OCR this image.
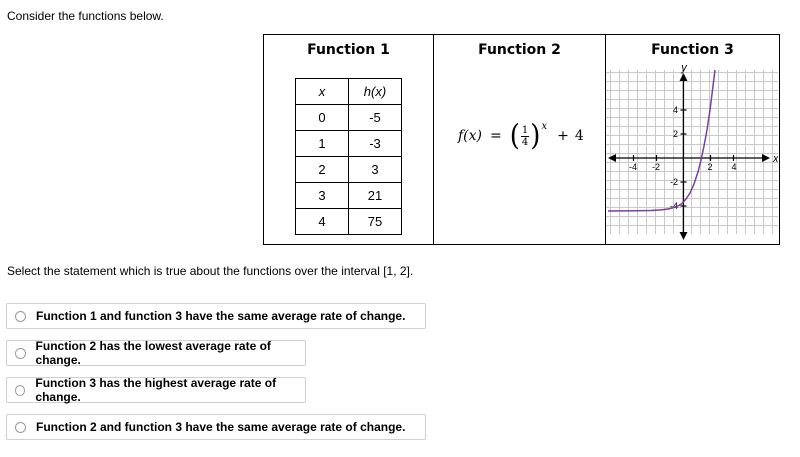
Consider the functions below.
Function 1
x	h(x)
0	-5
1	-3
2	3
3	21
4	75
Function 2
f(x) = ( $\frac{1}{4}$ ) x
+ 4
Function 3
y
x
-4 -2	2 4
4
2
-2
-4
Select the statement which is true about the functions over the interval [1, 2].
Function 1 and function 3 have the same average rate of change.
Function 2 has the lowest average rate of change.
Function 3 has the highest average rate of change.
Function 2 and function 3 have the same average rate of change.
